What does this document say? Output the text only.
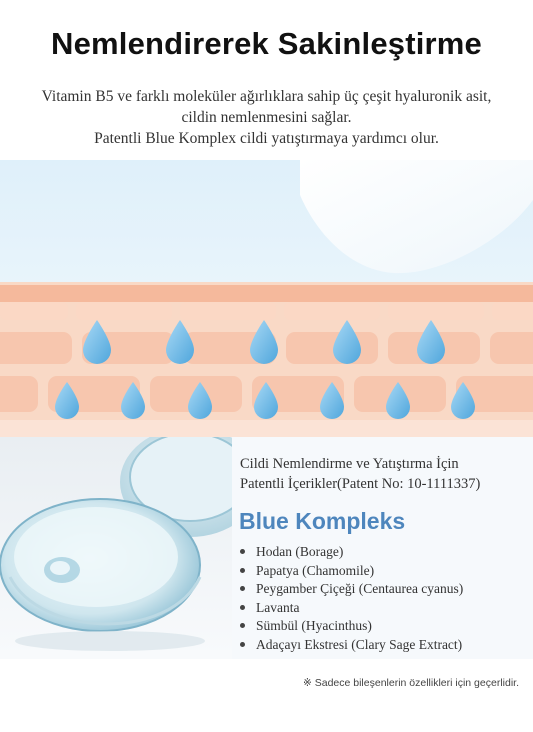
Nemlendirerek Sakinleştirme
Vitamin B5 ve farklı moleküler ağırlıklara sahip üç çeşit hyaluronik asit,
cildin nemlenmesini sağlar.
Patentli Blue Komplex cildi yatıştırmaya yardımcı olur.
Cildi Nemlendirme ve Yatıştırma İçin
Patentli İçerikler(Patent No: 10-1111337)
Blue Kompleks
Hodan (Borage)
Papatya (Chamomile)
Peygamber Çiçeği (Centaurea cyanus)
Lavanta
Sümbül (Hyacinthus)
Adaçayı Ekstresi (Clary Sage Extract)
※ Sadece bileşenlerin özellikleri için geçerlidir.
